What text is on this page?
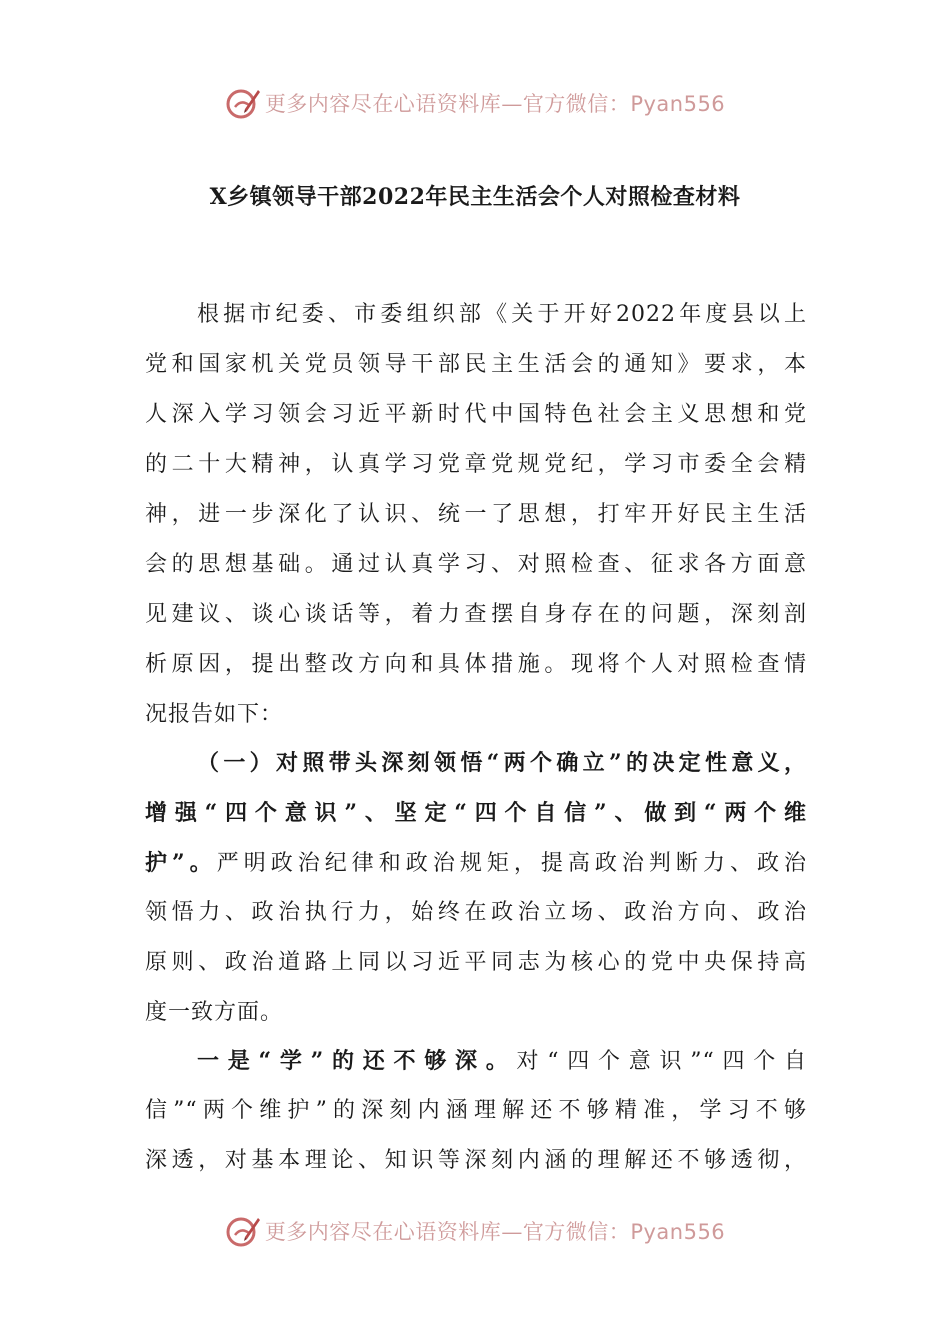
更多内容尽在心语资料库—官方微信：Pyan556
X乡镇领导干部2022年民主生活会个人对照检查材料
根据市纪委、市委组织部《关于开好2022年度县以上
党和国家机关党员领导干部民主生活会的通知》要求，本
人深入学习领会习近平新时代中国特色社会主义思想和党
的二十大精神，认真学习党章党规党纪，学习市委全会精
神，进一步深化了认识、统一了思想，打牢开好民主生活
会的思想基础。通过认真学习、对照检查、征求各方面意
见建议、谈心谈话等，着力查摆自身存在的问题，深刻剖
析原因，提出整改方向和具体措施。现将个人对照检查情
况报告如下：
（一）对照带头深刻领悟“两个确立”的决定性意义，
增强“四个意识”、坚定“四个自信”、做到“两个维
护”。严明政治纪律和政治规矩，提高政治判断力、政治
领悟力、政治执行力，始终在政治立场、政治方向、政治
原则、政治道路上同以习近平同志为核心的党中央保持高
度一致方面。
一是“学”的还不够深。对“四个意识”“四个自
信”“两个维护”的深刻内涵理解还不够精准，学习不够
深透，对基本理论、知识等深刻内涵的理解还不够透彻，
更多内容尽在心语资料库—官方微信：Pyan556
